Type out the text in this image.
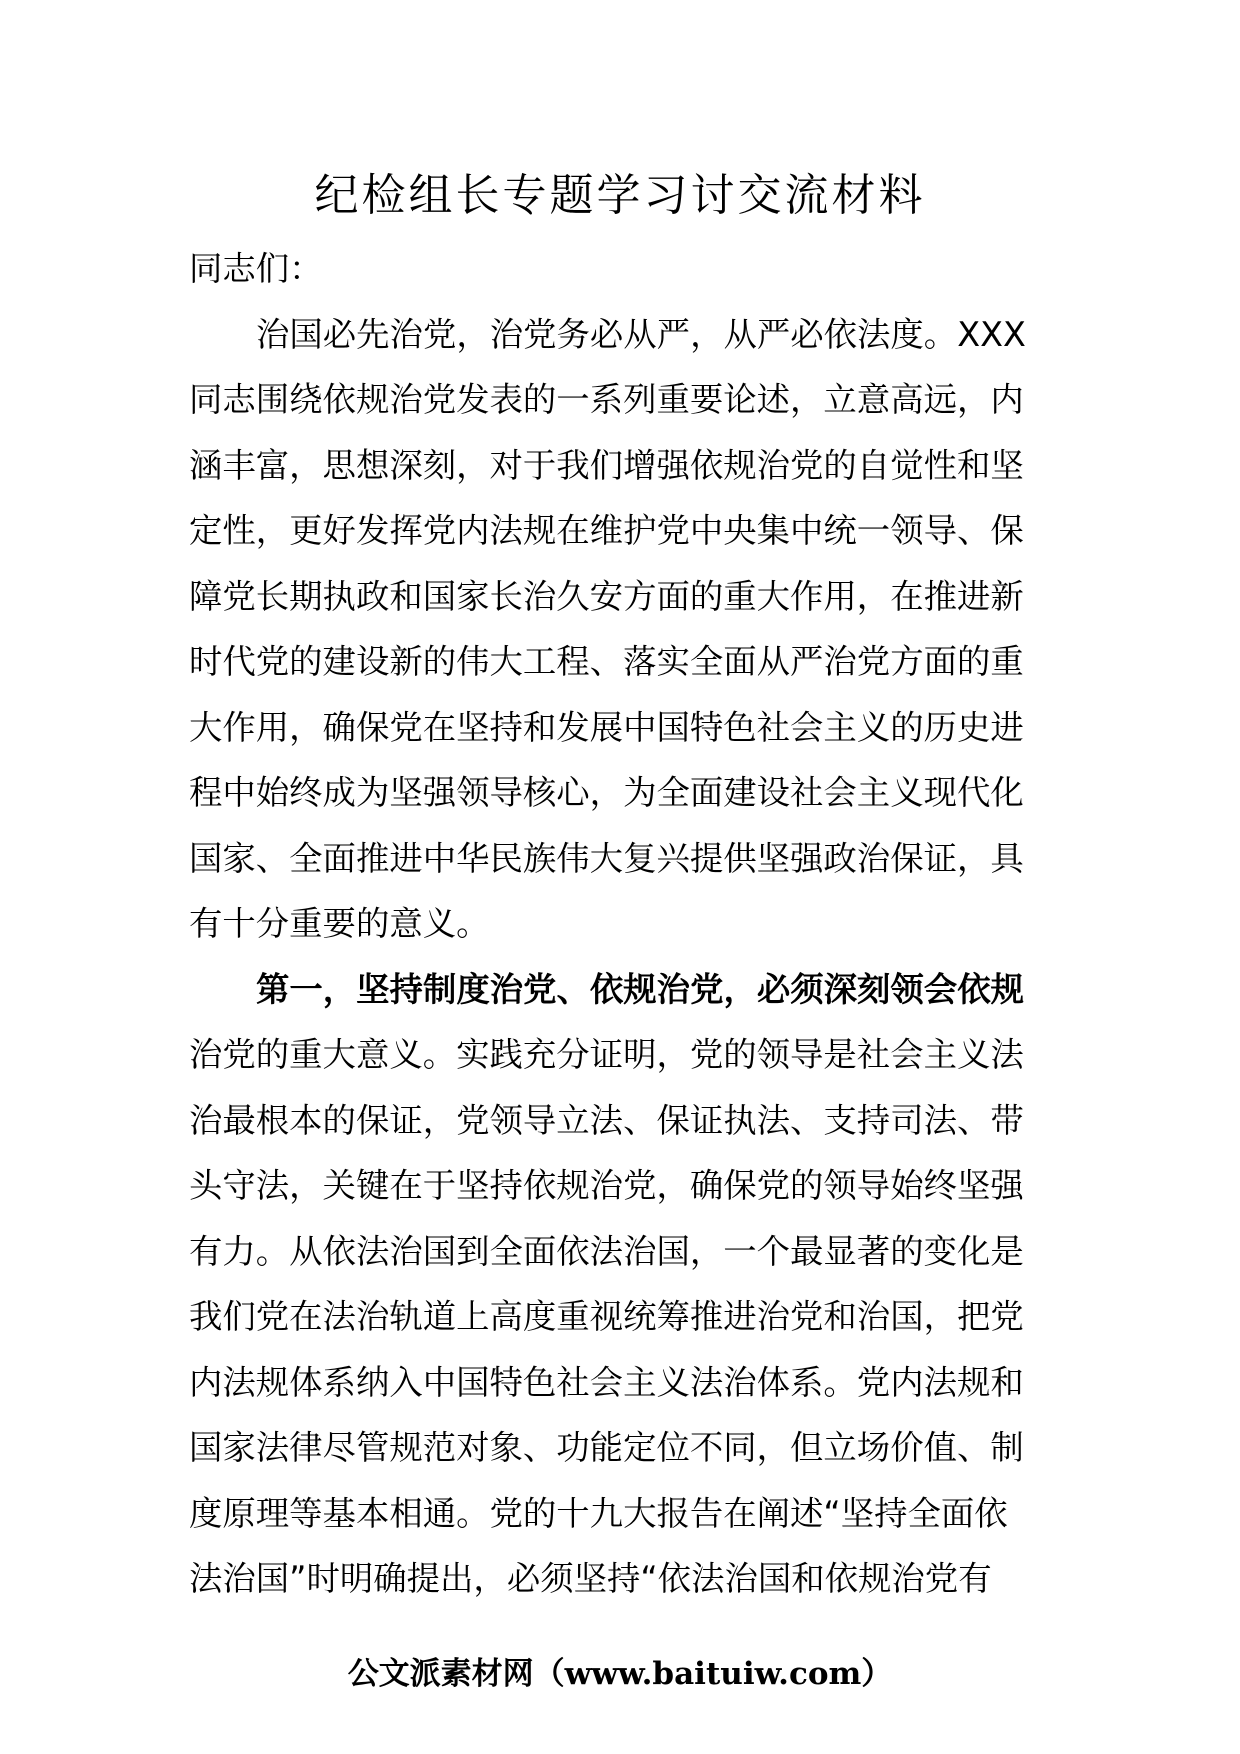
纪检组长专题学习讨交流材料
同志们：
治国必先治党，治党务必从严，从严必依法度。XXX
同志围绕依规治党发表的一系列重要论述，立意高远，内
涵丰富，思想深刻，对于我们增强依规治党的自觉性和坚
定性，更好发挥党内法规在维护党中央集中统一领导、保
障党长期执政和国家长治久安方面的重大作用，在推进新
时代党的建设新的伟大工程、落实全面从严治党方面的重
大作用，确保党在坚持和发展中国特色社会主义的历史进
程中始终成为坚强领导核心，为全面建设社会主义现代化
国家、全面推进中华民族伟大复兴提供坚强政治保证，具
有十分重要的意义。
第一，坚持制度治党、依规治党，必须深刻领会依规
治党的重大意义。实践充分证明，党的领导是社会主义法
治最根本的保证，党领导立法、保证执法、支持司法、带
头守法，关键在于坚持依规治党，确保党的领导始终坚强
有力。从依法治国到全面依法治国，一个最显著的变化是
我们党在法治轨道上高度重视统筹推进治党和治国，把党
内法规体系纳入中国特色社会主义法治体系。党内法规和
国家法律尽管规范对象、功能定位不同，但立场价值、制
度原理等基本相通。党的十九大报告在阐述“坚持全面依
法治国”时明确提出，必须坚持“依法治国和依规治党有
公文派素材网（www.baituiw.com）
